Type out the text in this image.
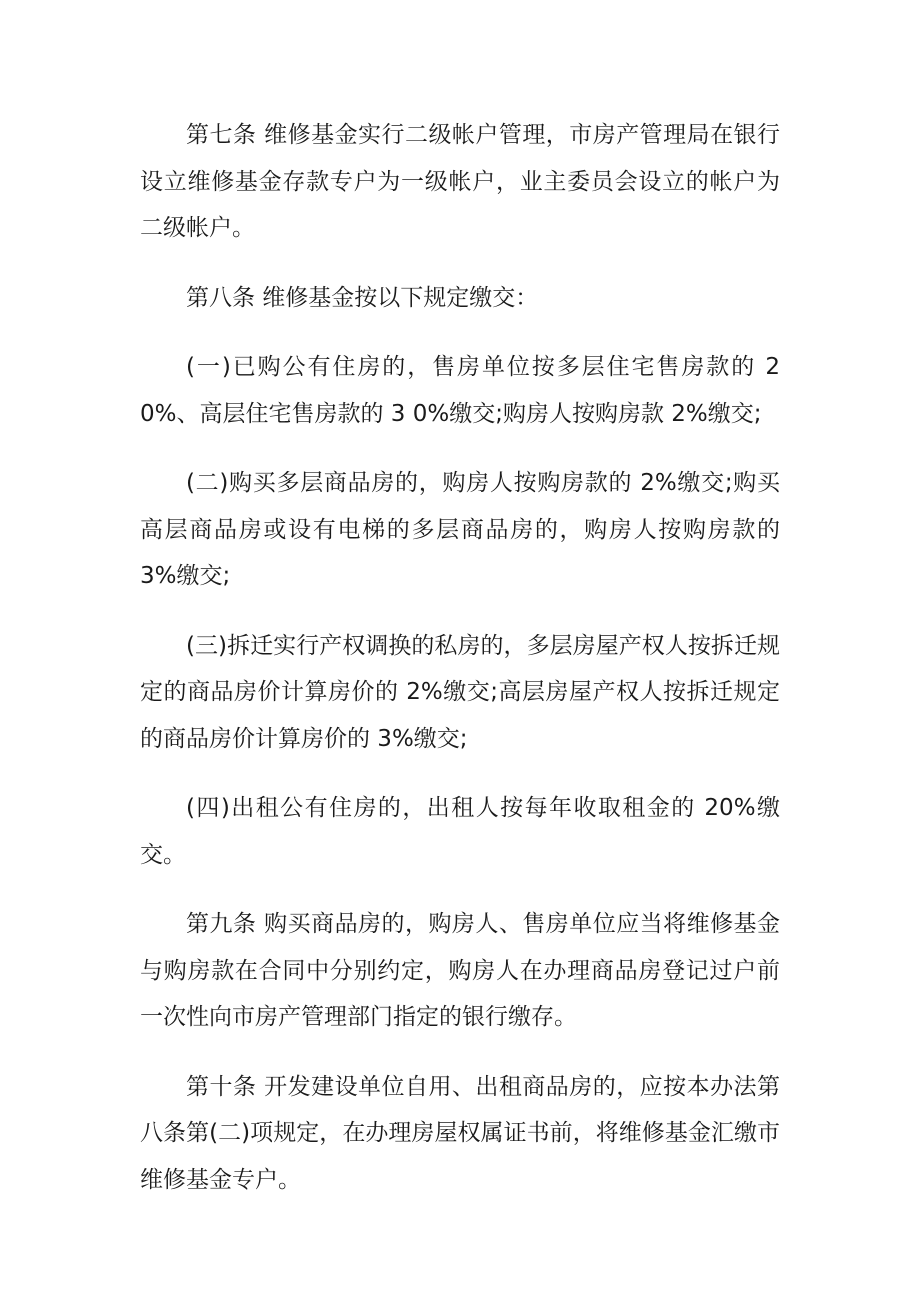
第七条 维修基金实行二级帐户管理，市房产管理局在银行设立维修基金存款专户为一级帐户，业主委员会设立的帐户为二级帐户。

第八条 维修基金按以下规定缴交：

(一)已购公有住房的，售房单位按多层住宅售房款的 20%、高层住宅售房款的 3 0%缴交;购房人按购房款 2%缴交;

(二)购买多层商品房的，购房人按购房款的 2%缴交;购买高层商品房或设有电梯的多层商品房的，购房人按购房款的 3%缴交;

(三)拆迁实行产权调换的私房的，多层房屋产权人按拆迁规定的商品房价计算房价的 2%缴交;高层房屋产权人按拆迁规定的商品房价计算房价的 3%缴交;

(四)出租公有住房的，出租人按每年收取租金的 20%缴交。

第九条 购买商品房的，购房人、售房单位应当将维修基金与购房款在合同中分别约定，购房人在办理商品房登记过户前一次性向市房产管理部门指定的银行缴存。

第十条 开发建设单位自用、出租商品房的，应按本办法第八条第(二)项规定，在办理房屋权属证书前，将维修基金汇缴市维修基金专户。
